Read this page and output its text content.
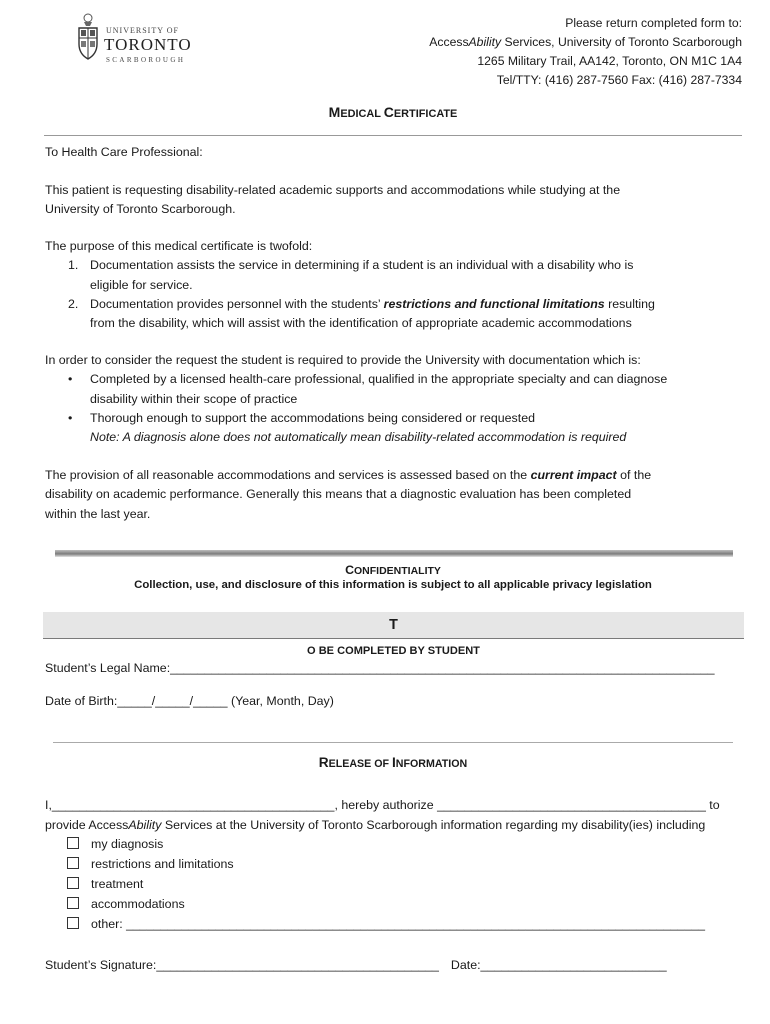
UNIVERSITY OF
TORONTO
SCARBOROUGH
Please return completed form to:
AccessAbility Services, University of Toronto Scarborough
1265 Military Trail, AA142, Toronto, ON M1C 1A4
Tel/TTY: (416) 287-7560 Fax: (416) 287-7334
MEDICAL CERTIFICATE
To Health Care Professional:
This patient is requesting disability-related academic supports and accommodations while studying at the
University of Toronto Scarborough.
The purpose of this medical certificate is twofold:
1. Documentation assists the service in determining if a student is an individual with a disability who is
eligible for service.
2. Documentation provides personnel with the students’ restrictions and functional limitations resulting
from the disability, which will assist with the identification of appropriate academic accommodations
In order to consider the request the student is required to provide the University with documentation which is:
• Completed by a licensed health-care professional, qualified in the appropriate specialty and can diagnose
disability within their scope of practice
• Thorough enough to support the accommodations being considered or requested
Note: A diagnosis alone does not automatically mean disability-related accommodation is required
The provision of all reasonable accommodations and services is assessed based on the current impact of the
disability on academic performance. Generally this means that a diagnostic evaluation has been completed
within the last year.
CONFIDENTIALITY
Collection, use, and disclosure of this information is subject to all applicable privacy legislation
T
O BE COMPLETED BY STUDENT
Student’s Legal Name:_______________________________________________________________________________
Date of Birth:_____/_____/_____ (Year, Month, Day)
RELEASE OF INFORMATION
I,_________________________________________, hereby authorize _______________________________________ to
provide AccessAbility Services at the University of Toronto Scarborough information regarding my disability(ies) including
my diagnosis
restrictions and limitations
treatment
accommodations
other: ____________________________________________________________________________________
Student’s Signature:_________________________________________ Date:___________________________
